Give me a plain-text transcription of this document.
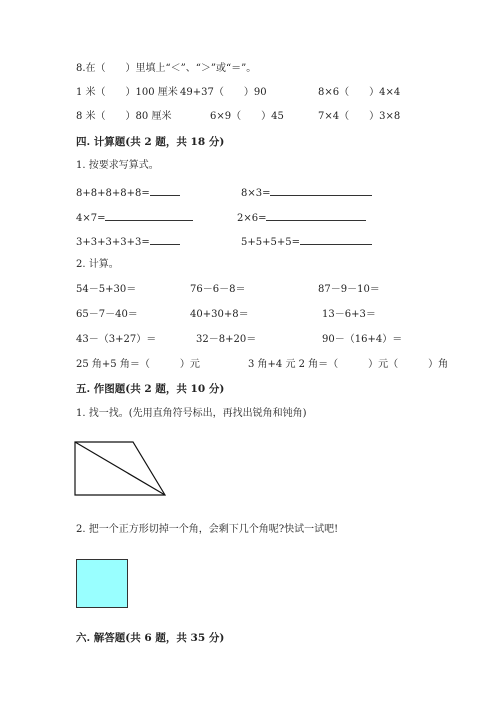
8.在（　　）里填上“＜”、“＞”或“＝”。
1 米（　　）100 厘米 49+37（　　）90	8×6（　　）4×4
8 米（　　）80 厘米	6×9（　　）45	7×4（　　）3×8
四. 计算题(共 2 题，共 18 分)
1. 按要求写算式。
8+8+8+8+8=	8×3=
4×7=	2×6=
3+3+3+3+3=	5+5+5+5=
2. 计算。
54－5+30＝	76－6－8＝	87－9－10＝
65－7－40＝	40+30+8＝	13－6+3＝
43－（3+27）＝	32－8+20＝	90－（16+4）＝
25 角+5 角＝（　　　）元	3 角+4 元 2 角＝（　　　）元（　　　）角
五. 作图题(共 2 题，共 10 分)
1. 找一找。(先用直角符号标出，再找出锐角和钝角)
2. 把一个正方形切掉一个角，会剩下几个角呢?快试一试吧!
六. 解答题(共 6 题，共 35 分)
